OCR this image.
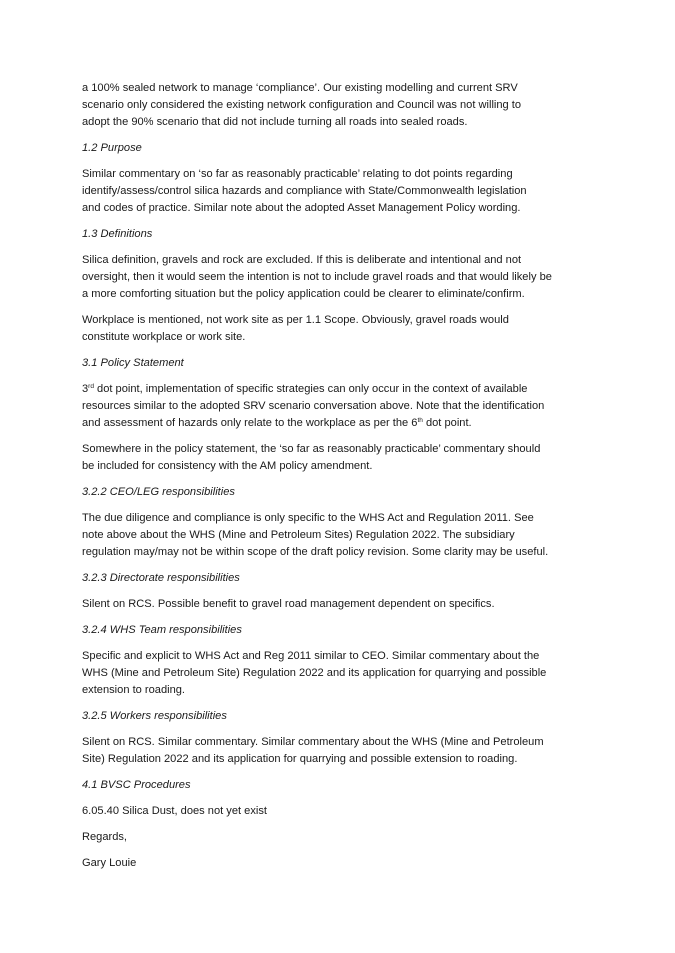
a 100% sealed network to manage ‘compliance’. Our existing modelling and current SRV
scenario only considered the existing network configuration and Council was not willing to
adopt the 90% scenario that did not include turning all roads into sealed roads.

1.2 Purpose

Similar commentary on ‘so far as reasonably practicable’ relating to dot points regarding
identify/assess/control silica hazards and compliance with State/Commonwealth legislation
and codes of practice. Similar note about the adopted Asset Management Policy wording.

1.3 Definitions

Silica definition, gravels and rock are excluded. If this is deliberate and intentional and not
oversight, then it would seem the intention is not to include gravel roads and that would likely be
a more comforting situation but the policy application could be clearer to eliminate/confirm.

Workplace is mentioned, not work site as per 1.1 Scope. Obviously, gravel roads would
constitute workplace or work site.

3.1 Policy Statement

3rd dot point, implementation of specific strategies can only occur in the context of available
resources similar to the adopted SRV scenario conversation above. Note that the identification
and assessment of hazards only relate to the workplace as per the 6th dot point.

Somewhere in the policy statement, the ‘so far as reasonably practicable’ commentary should
be included for consistency with the AM policy amendment.

3.2.2 CEO/LEG responsibilities

The due diligence and compliance is only specific to the WHS Act and Regulation 2011. See
note above about the WHS (Mine and Petroleum Sites) Regulation 2022. The subsidiary
regulation may/may not be within scope of the draft policy revision. Some clarity may be useful.

3.2.3 Directorate responsibilities

Silent on RCS. Possible benefit to gravel road management dependent on specifics.

3.2.4 WHS Team responsibilities

Specific and explicit to WHS Act and Reg 2011 similar to CEO. Similar commentary about the
WHS (Mine and Petroleum Site) Regulation 2022 and its application for quarrying and possible
extension to roading.

3.2.5 Workers responsibilities

Silent on RCS. Similar commentary. Similar commentary about the WHS (Mine and Petroleum
Site) Regulation 2022 and its application for quarrying and possible extension to roading.

4.1 BVSC Procedures

6.05.40 Silica Dust, does not yet exist

Regards,

Gary Louie
